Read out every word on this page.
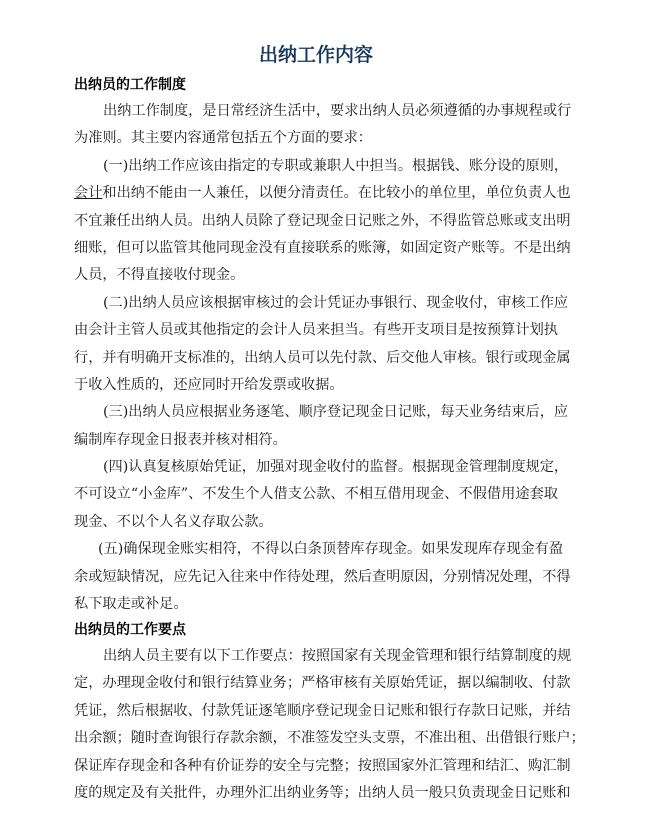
出纳工作内容
出纳员的工作制度
出纳工作制度，是日常经济生活中，要求出纳人员必须遵循的办事规程或行
为准则。其主要内容通常包括五个方面的要求：
(一)出纳工作应该由指定的专职或兼职人中担当。根据钱、账分设的原则，
会计和出纳不能由一人兼任，以便分清责任。在比较小的单位里，单位负责人也
不宜兼任出纳人员。出纳人员除了登记现金日记账之外，不得监管总账或支出明
细账，但可以监管其他同现金没有直接联系的账簿，如固定资产账等。不是出纳
人员，不得直接收付现金。
(二)出纳人员应该根据审核过的会计凭证办事银行、现金收付，审核工作应
由会计主管人员或其他指定的会计人员来担当。有些开支项目是按预算计划执
行，并有明确开支标准的，出纳人员可以先付款、后交他人审核。银行或现金属
于收入性质的，还应同时开给发票或收据。
(三)出纳人员应根据业务逐笔、顺序登记现金日记账，每天业务结束后，应
编制库存现金日报表并核对相符。
(四)认真复核原始凭证，加强对现金收付的监督。根据现金管理制度规定，
不可设立“小金库”、不发生个人借支公款、不相互借用现金、不假借用途套取
现金、不以个人名义存取公款。
(五)确保现金账实相符，不得以白条顶替库存现金。如果发现库存现金有盈
余或短缺情况，应先记入往来中作待处理，然后查明原因，分别情况处理，不得
私下取走或补足。
出纳员的工作要点
出纳人员主要有以下工作要点：按照国家有关现金管理和银行结算制度的规
定，办理现金收付和银行结算业务；严格审核有关原始凭证，据以编制收、付款
凭证，然后根据收、付款凭证逐笔顺序登记现金日记账和银行存款日记账，并结
出余额；随时查询银行存款余额，不准签发空头支票，不准出租、出借银行账户；
保证库存现金和各种有价证券的安全与完整；按照国家外汇管理和结汇、购汇制
度的规定及有关批件，办理外汇出纳业务等；出纳人员一般只负责现金日记账和
